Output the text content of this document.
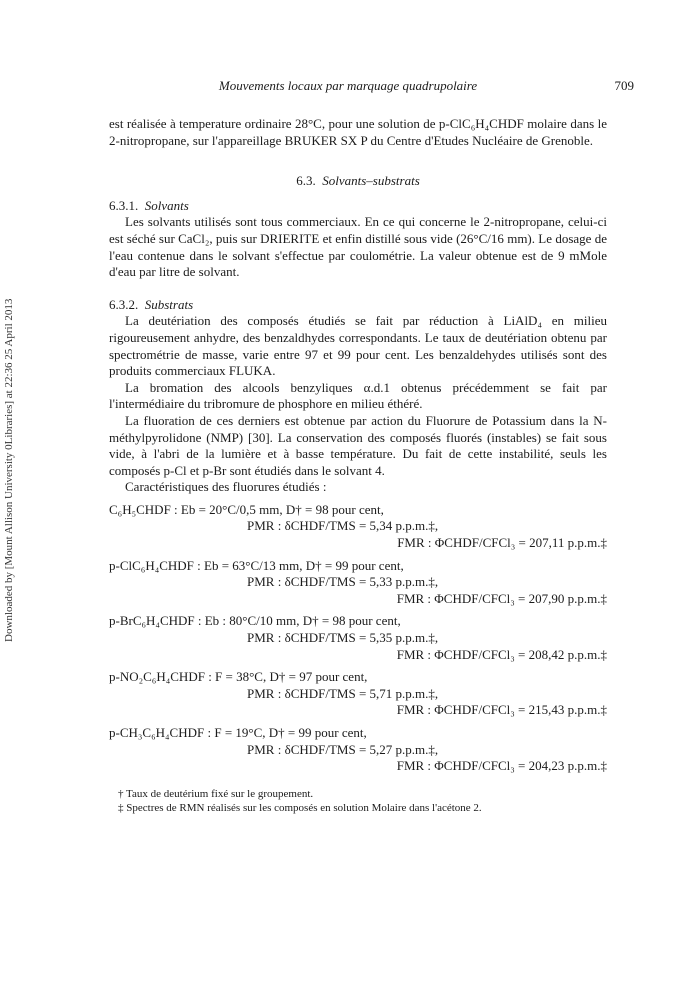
Downloaded by [Mount Allison University 0Libraries] at 22:36 25 April 2013
Mouvements locaux par marquage quadrupolaire	709

est réalisée à temperature ordinaire 28°C, pour une solution de p-ClC₆H₄CHDF molaire dans le 2-nitropropane, sur l'appareillage BRUKER SX P du Centre d'Etudes Nucléaire de Grenoble.

6.3. Solvants–substrats
6.3.1. Solvants

Les solvants utilisés sont tous commerciaux. En ce qui concerne le 2-nitropropane, celui-ci est séché sur CaCl₂, puis sur DRIERITE et enfin distillé sous vide (26°C/16 mm). Le dosage de l'eau contenue dans le solvant s'effectue par coulométrie. La valeur obtenue est de 9 mMole d'eau par litre de solvant.

6.3.2. Substrats

La deutériation des composés étudiés se fait par réduction à LiAlD₄ en milieu rigoureusement anhydre, des benzaldhydes correspondants. Le taux de deutériation obtenu par spectrométrie de masse, varie entre 97 et 99 pour cent. Les benzaldehydes utilisés sont des produits commerciaux FLUKA.

La bromation des alcools benzyliques α.d.1 obtenus précédemment se fait par l'intermédiaire du tribromure de phosphore en milieu éthéré.

La fluoration de ces derniers est obtenue par action du Fluorure de Potassium dans la N-méthylpyrolidone (NMP) [30]. La conservation des composés fluorés (instables) se fait sous vide, à l'abri de la lumière et à basse température. Du fait de cette instabilité, seuls les composés p-Cl et p-Br sont étudiés dans le solvant 4.

Caractéristiques des fluorures étudiés :

C₆H₅CHDF : Eb = 20°C/0,5 mm, D† = 98 pour cent,
PMR : δCHDF/TMS = 5,34 p.p.m.‡,
FMR : ΦCHDF/CFCl₃ = 207,11 p.p.m.‡
p-ClC₆H₄CHDF : Eb = 63°C/13 mm, D† = 99 pour cent,
PMR : δCHDF/TMS = 5,33 p.p.m.‡,
FMR : ΦCHDF/CFCl₃ = 207,90 p.p.m.‡
p-BrC₆H₄CHDF : Eb : 80°C/10 mm, D† = 98 pour cent,
PMR : δCHDF/TMS = 5,35 p.p.m.‡,
FMR : ΦCHDF/CFCl₃ = 208,42 p.p.m.‡
p-NO₂C₆H₄CHDF : F = 38°C, D† = 97 pour cent,
PMR : δCHDF/TMS = 5,71 p.p.m.‡,
FMR : ΦCHDF/CFCl₃ = 215,43 p.p.m.‡
p-CH₃C₆H₄CHDF : F = 19°C, D† = 99 pour cent,
PMR : δCHDF/TMS = 5,27 p.p.m.‡,
FMR : ΦCHDF/CFCl₃ = 204,23 p.p.m.‡
† Taux de deutérium fixé sur le groupement.
‡ Spectres de RMN réalisés sur les composés en solution Molaire dans l'acétone 2.
